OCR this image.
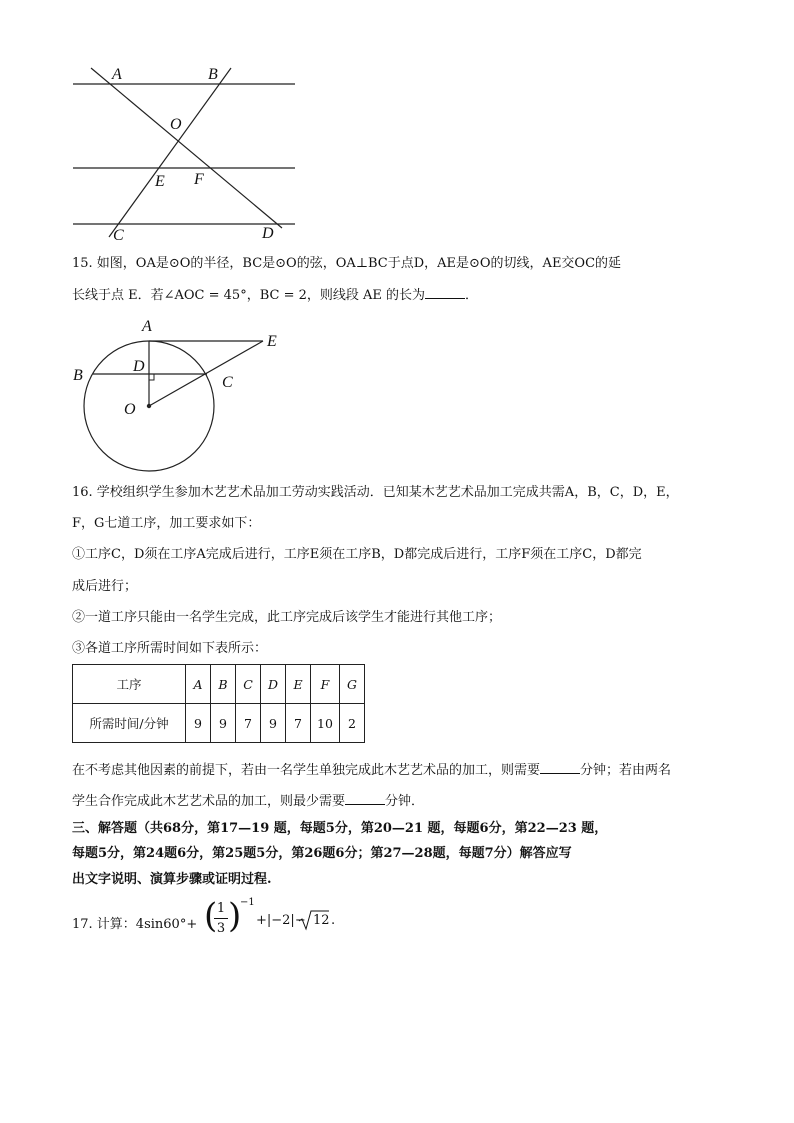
A	B
O
E F
C	D
15. 如图，OA是⊙O的半径，BC是⊙O的弦，OA⊥BC于点D，AE是⊙O的切线，AE交OC的延
长线于点 E．若∠AOC = 45°，BC = 2，则线段 AE 的长为	．
A
E
D
B	C
O
16. 学校组织学生参加木艺艺术品加工劳动实践活动．已知某木艺艺术品加工完成共需A，B，C，D，E，
F，G七道工序，加工要求如下：
①工序C，D须在工序A完成后进行，工序E须在工序B，D都完成后进行，工序F须在工序C，D都完
成后进行；
②一道工序只能由一名学生完成，此工序完成后该学生才能进行其他工序；
③各道工序所需时间如下表所示：
工序	A	B	C	D	E	F	G
所需时间/分钟	9	9	7	9	7	10	2
在不考虑其他因素的前提下，若由一名学生单独完成此木艺艺术品的加工，则需要	分钟；若由两名
学生合作完成此木艺艺术品的加工，则最少需要	分钟．
三、解答题（共68分，第17—19 题，每题5分，第20—21 题，每题6分，第22—23 题，
每题5分，第24题6分，第25题5分，第26题6分；第27—28题，每题7分）解答应写
出文字说明、演算步骤或证明过程.
17. 计算：4sin60°+ (
$\frac{1}{3}$ )
−1
+|−2|− 12 .
